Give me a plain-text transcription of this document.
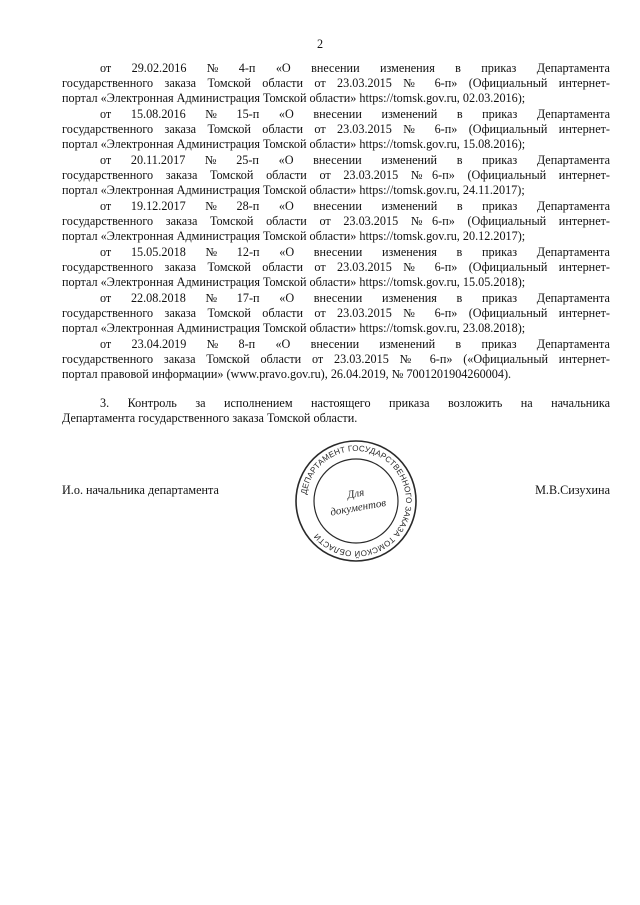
2
от 29.02.2016 № 4-п «О внесении изменения в приказ Департамента
государственного заказа Томской области от 23.03.2015 № 6-п» (Официальный интернет-
портал «Электронная Администрация Томской области» https://tomsk.gov.ru, 02.03.2016);
от 15.08.2016 № 15-п «О внесении изменений в приказ Департамента
государственного заказа Томской области от 23.03.2015 № 6-п» (Официальный интернет-
портал «Электронная Администрация Томской области» https://tomsk.gov.ru, 15.08.2016);
от 20.11.2017 № 25-п «О внесении изменений в приказ Департамента
государственного заказа Томской области от 23.03.2015 №6-п» (Официальный интернет-
портал «Электронная Администрация Томской области» https://tomsk.gov.ru, 24.11.2017);
от 19.12.2017 № 28-п «О внесении изменений в приказ Департамента
государственного заказа Томской области от 23.03.2015 №6-п» (Официальный интернет-
портал «Электронная Администрация Томской области» https://tomsk.gov.ru, 20.12.2017);
от 15.05.2018 № 12-п «О внесении изменения в приказ Департамента
государственного заказа Томской области от 23.03.2015 № 6-п» (Официальный интернет-
портал «Электронная Администрация Томской области» https://tomsk.gov.ru, 15.05.2018);
от 22.08.2018 № 17-п «О внесении изменения в приказ Департамента
государственного заказа Томской области от 23.03.2015 № 6-п» (Официальный интернет-
портал «Электронная Администрация Томской области» https://tomsk.gov.ru, 23.08.2018);
от 23.04.2019 № 8-п «О внесении изменений в приказ Департамента
государственного заказа Томской области от 23.03.2015 № 6-п» («Официальный интернет-
портал правовой информации» (www.pravo.gov.ru), 26.04.2019, № 7001201904260004).
3. Контроль за исполнением настоящего приказа возложить на начальника
Департамента государственного заказа Томской области.
И.о. начальника департамента	ДЕПАРТАМЕНТ ГОСУДАРСТВЕННОГО ЗАКАЗА ТОМСКОЙ ОБЛАСТИ
Для
документов
М.В.Сизухина
